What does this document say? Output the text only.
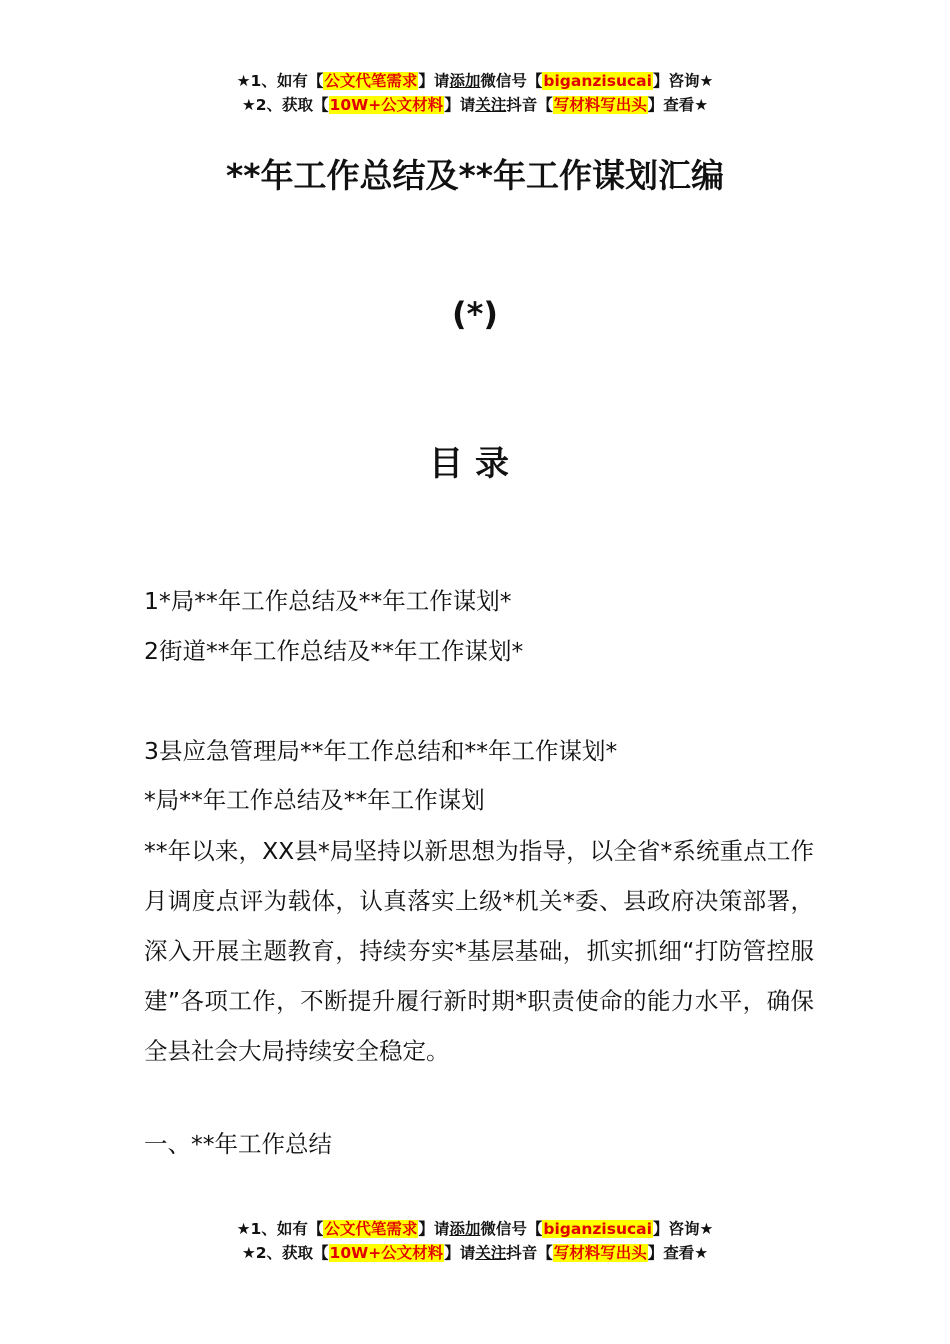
★1、如有【公文代笔需求】请添加微信号【biganzisucai】咨询★
★2、获取【10W+公文材料】请关注抖音【写材料写出头】查看★
**年工作总结及**年工作谋划汇编
(*)
目录
1*局**年工作总结及**年工作谋划*
2街道**年工作总结及**年工作谋划*
3县应急管理局**年工作总结和**年工作谋划*
*局**年工作总结及**年工作谋划
**年以来，XX县*局坚持以新思想为指导，以全省*系统重点工作月调度点评为载体，认真落实上级*机关*委、县政府决策部署，深入开展主题教育，持续夯实*基层基础，抓实抓细“打防管控服建”各项工作，不断提升履行新时期*职责使命的能力水平，确保全县社会大局持续安全稳定。
一、**年工作总结
★1、如有【公文代笔需求】请添加微信号【biganzisucai】咨询★
★2、获取【10W+公文材料】请关注抖音【写材料写出头】查看★
